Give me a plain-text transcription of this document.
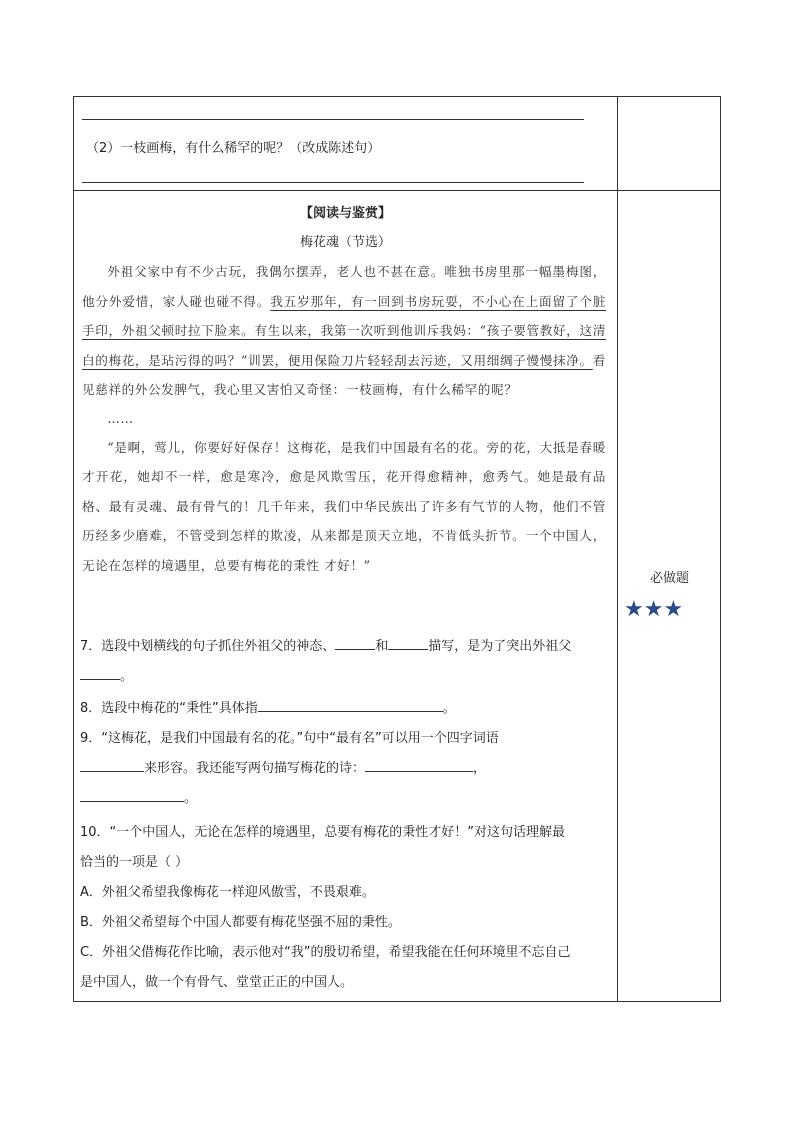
（2）一枝画梅，有什么稀罕的呢？（改成陈述句）
【阅读与鉴赏】
梅花魂（节选）

外祖父家中有不少古玩，我偶尔摆弄，老人也不甚在意。唯独书房里那一幅墨梅图，他分外爱惜，家人碰也碰不得。我五岁那年，有一回到书房玩耍，不小心在上面留了个脏手印，外祖父顿时拉下脸来。有生以来，我第一次听到他训斥我妈：“孩子要管教好，这清白的梅花，是玷污得的吗？”训罢，便用保险刀片轻轻刮去污迹，又用细绸子慢慢抹净。看见慈祥的外公发脾气，我心里又害怕又奇怪：一枝画梅，有什么稀罕的呢？

……

“是啊，莺儿，你要好好保存！这梅花，是我们中国最有名的花。旁的花，大抵是春暖才开花，她却不一样，愈是寒冷，愈是风欺雪压，花开得愈精神，愈秀气。她是最有品格、最有灵魂、最有骨气的！几千年来，我们中华民族出了许多有气节的人物，他们不管历经多少磨难，不管受到怎样的欺凌，从来都是顶天立地，不肯低头折节。一个中国人，无论在怎样的境遇里，总要有梅花的秉性 才好！”

7．选段中划横线的句子抓住外祖父的神态、	和	描写，是为了突出外祖父
。
8．选段中梅花的“秉性”具体指	。
9．“这梅花，是我们中国最有名的花。”句中“最有名”可以用一个四字词语
来形容。我还能写两句描写梅花的诗：	，
。
10．“一个中国人，无论在怎样的境遇里，总要有梅花的秉性才好！”对这句话理解最
恰当的一项是（ ）
A．外祖父希望我像梅花一样迎风傲雪，不畏艰难。
B．外祖父希望每个中国人都要有梅花坚强不屈的秉性。
C．外祖父借梅花作比喻，表示他对“我”的殷切希望，希望我能在任何环境里不忘自己
是中国人，做一个有骨气、堂堂正正的中国人。
必做题
★★★
